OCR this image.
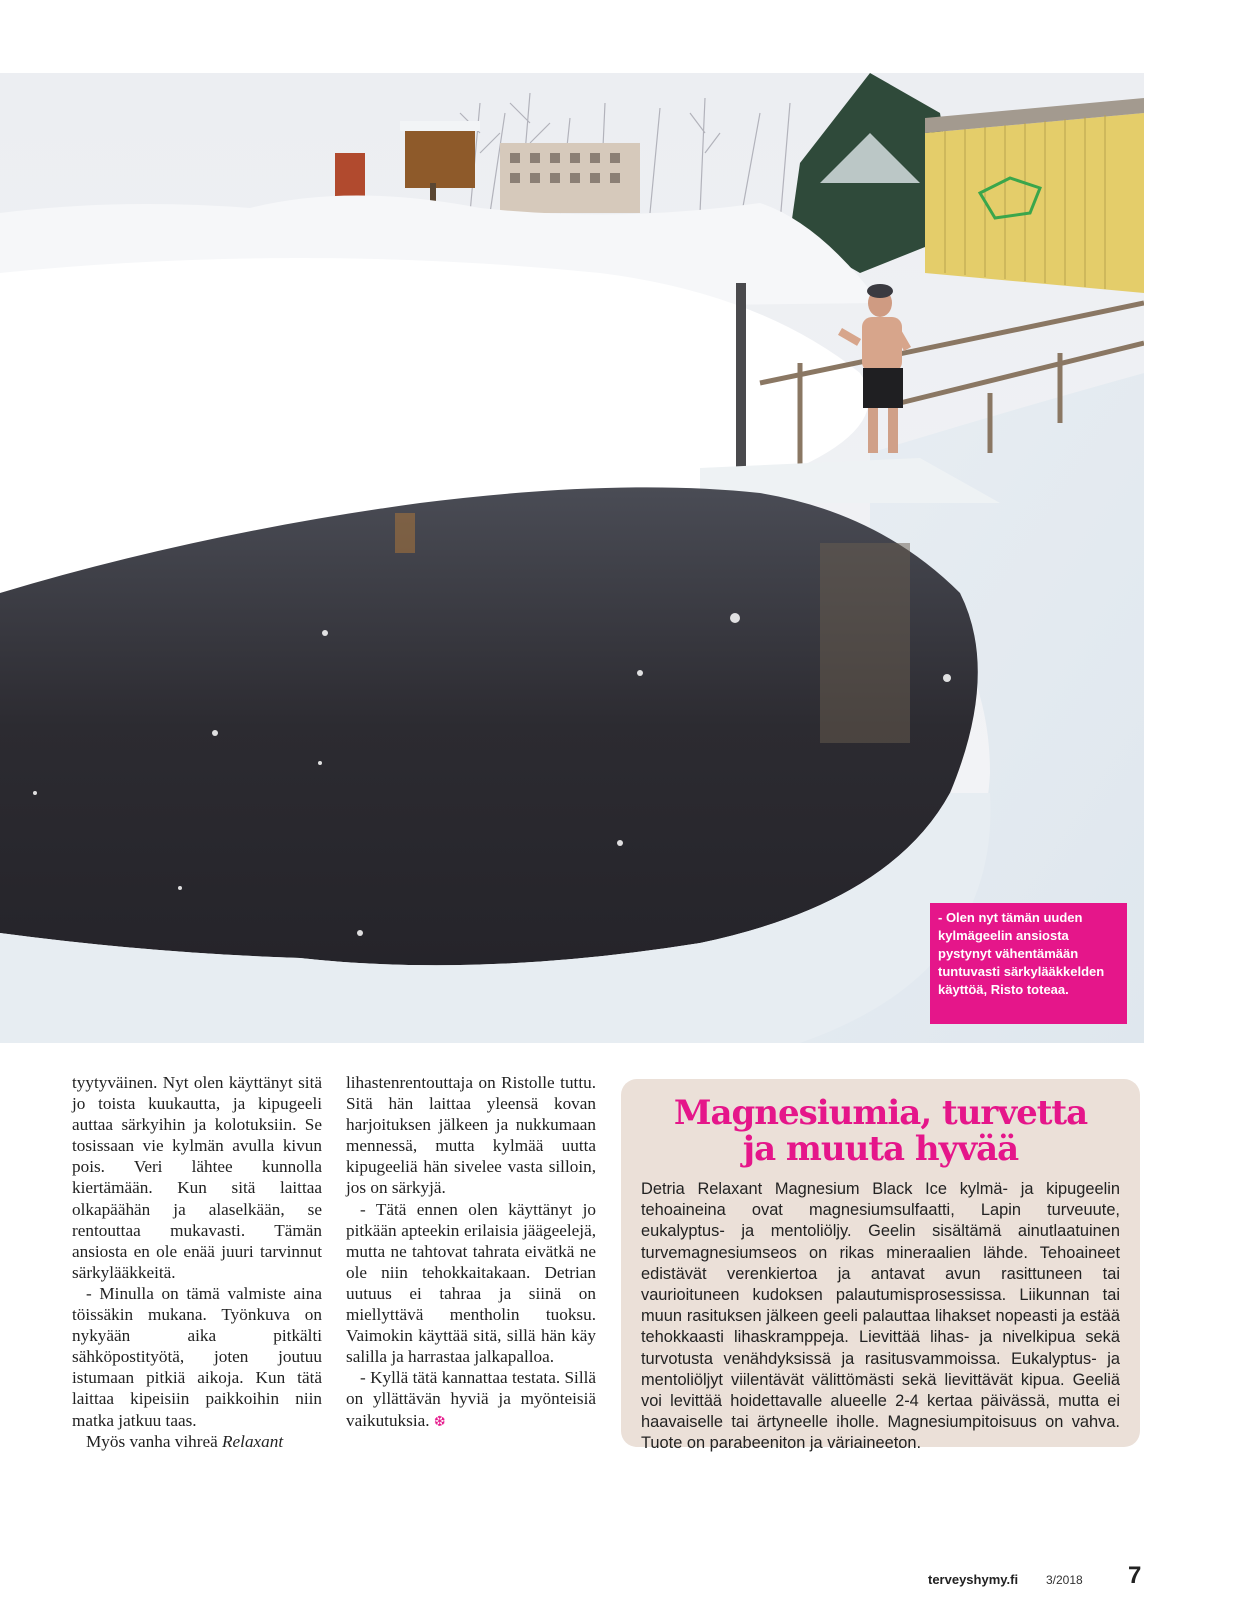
- Olen nyt tämän uuden kylmägeelin ansiosta pystynyt vähentämään tuntuvasti särkylääkkelden käyttöä, Risto toteaa.

tyytyväinen. Nyt olen käyttänyt sitä jo toista kuukautta, ja kipugeeli auttaa särkyihin ja kolotuksiin. Se tosissaan vie kylmän avulla kivun pois. Veri lähtee kunnolla kiertämään. Kun sitä laittaa olkapäähän ja alaselkään, se rentouttaa mukavasti. Tämän ansiosta en ole enää juuri tarvinnut särkylääkkeitä.

- Minulla on tämä valmiste aina töissäkin mukana. Työnkuva on nykyään aika pitkälti sähköpostityötä, joten joutuu istumaan pitkiä aikoja. Kun tätä laittaa kipeisiin paikkoihin niin matka jatkuu taas.

Myös vanha vihreä Relaxant

lihastenrentouttaja on Ristolle tuttu. Sitä hän laittaa yleensä kovan harjoituksen jälkeen ja nukkumaan mennessä, mutta kylmää uutta kipugeeliä hän sivelee vasta silloin, jos on särkyjä.

- Tätä ennen olen käyttänyt jo pitkään apteekin erilaisia jäägeelejä, mutta ne tahtovat tahrata eivätkä ne ole niin tehokkaitakaan. Detrian uutuus ei tahraa ja siinä on miellyttävä mentholin tuoksu. Vaimokin käyttää sitä, sillä hän käy salilla ja harrastaa jalkapalloa.

- Kyllä tätä kannattaa testata. Sillä on yllättävän hyviä ja myönteisiä vaikutuksia. ❆

Magnesiumia, turvetta
ja muuta hyvää
Detria Relaxant Magnesium Black Ice kylmä- ja kipugeelin tehoaineina ovat magnesiumsulfaatti, Lapin turveuute, eukalyptus- ja mentoliöljy. Geelin sisältämä ainutlaatuinen turvemagnesiumseos on rikas mineraalien lähde. Tehoaineet edistävät verenkiertoa ja antavat avun rasittuneen tai vaurioituneen kudoksen palautumisprosessissa. Liikunnan tai muun rasituksen jälkeen geeli palauttaa lihakset nopeasti ja estää tehokkaasti lihaskramppeja. Lievittää lihas- ja nivelkipua sekä turvotusta venähdyksissä ja rasitusvammoissa. Eukalyptus- ja mentoliöljyt viilentävät välittömästi sekä lievittävät kipua. Geeliä voi levittää hoidettavalle alueelle 2-4 kertaa päivässä, mutta ei haavaiselle tai ärtyneelle iholle. Magnesiumpitoisuus on vahva. Tuote on parabeeniton ja väriaineeton.
terveyshymy.fi 3/2018 7
